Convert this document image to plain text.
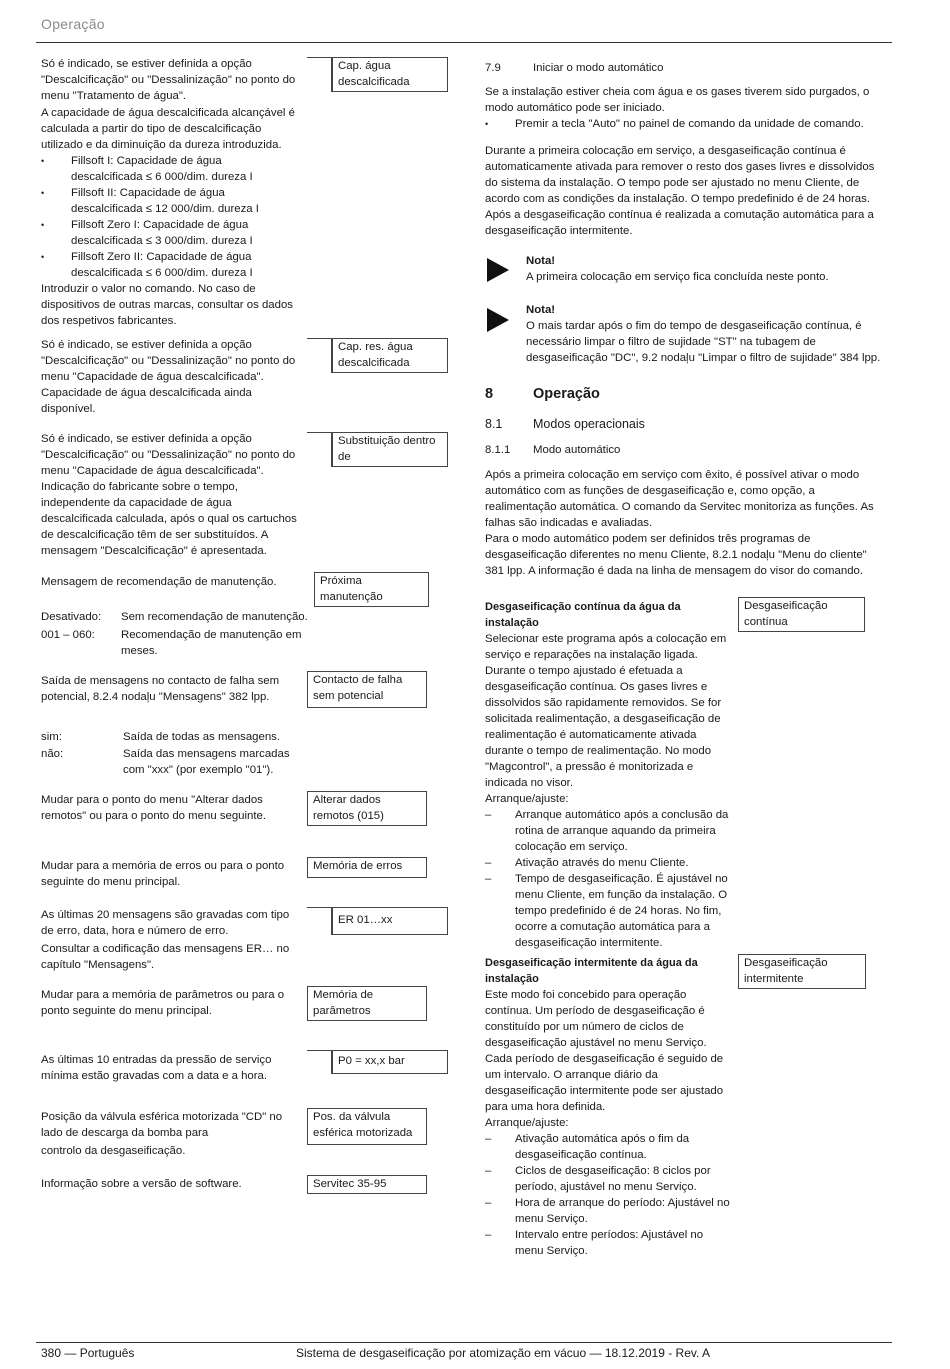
Operação
380 — Português	Sistema de desgaseificação por atomização em vácuo — 18.12.2019 - Rev. A

Só é indicado, se estiver definida a opção "Descalcificação" ou "Dessalinização" no ponto do menu "Tratamento de água".

Cap. água descalcificada

A capacidade de água descalcificada alcançável é calculada a partir do tipo de descalcificação utilizado e da diminuição da dureza introduzida.

• Fillsoft I: Capacidade de água descalcificada ≤ 6 000/dim. dureza I

• Fillsoft II: Capacidade de água descalcificada ≤ 12 000/dim. dureza I

• Fillsoft Zero I: Capacidade de água descalcificada ≤ 3 000/dim. dureza I

• Fillsoft Zero II: Capacidade de água descalcificada ≤ 6 000/dim. dureza I

Introduzir o valor no comando. No caso de dispositivos de outras marcas, consultar os dados dos respetivos fabricantes.

Só é indicado, se estiver definida a opção "Descalcificação" ou "Dessalinização" no ponto do menu "Capacidade de água descalcificada".

Capacidade de água descalcificada ainda disponível.

Cap. res. água descalcificada

Só é indicado, se estiver definida a opção "Descalcificação" ou "Dessalinização" no ponto do menu "Capacidade de água descalcificada". Indicação do fabricante sobre o tempo, independente da capacidade de água descalcificada calculada, após o qual os cartuchos de descalcificação têm de ser substituídos. A mensagem "Descalcificação" é apresentada.

Substituição dentro de

Mensagem de recomendação de manutenção.	Próxima manutenção
Desativado:	Sem recomendação de manutenção.
001 – 060:	Recomendação de manutenção em meses.

Saída de mensagens no contacto de falha sem potencial, 8.2.4 nodaļu "Mensagens" 382 lpp.

Contacto de falha sem potencial
sim:	Saída de todas as mensagens.
não:	Saída das mensagens marcadas com "xxx" (por exemplo "01").

Mudar para o ponto do menu "Alterar dados remotos" ou para o ponto do menu seguinte.

Alterar dados remotos (015)

Mudar para a memória de erros ou para o ponto seguinte do menu principal.

Memória de erros

As últimas 20 mensagens são gravadas com tipo de erro, data, hora e número de erro.

Consultar a codificação das mensagens ER… no capítulo "Mensagens".

ER 01…xx

Mudar para a memória de parâmetros ou para o ponto seguinte do menu principal.

Memória de parâmetros

As últimas 10 entradas da pressão de serviço mínima estão gravadas com a data e a hora.

P0 = xx,x bar

Posição da válvula esférica motorizada "CD" no lado de descarga da bomba para

controlo da desgaseificação.

Pos. da válvula esférica motorizada

Informação sobre a versão de software.	Servitec 35-95
7.9	Iniciar o modo automático

Se a instalação estiver cheia com água e os gases tiverem sido purgados, o modo automático pode ser iniciado.

• Premir a tecla "Auto" no painel de comando da unidade de comando.

Durante a primeira colocação em serviço, a desgaseificação contínua é automaticamente ativada para remover o resto dos gases livres e dissolvidos do sistema da instalação. O tempo pode ser ajustado no menu Cliente, de acordo com as condições da instalação. O tempo predefinido é de 24 horas. Após a desgaseificação contínua é realizada a comutação automática para a desgaseificação intermitente.

Nota!

A primeira colocação em serviço fica concluída neste ponto.

Nota!

O mais tardar após o fim do tempo de desgaseificação contínua, é necessário limpar o filtro de sujidade "ST" na tubagem de desgaseificação "DC", 9.2 nodaļu "Limpar o filtro de sujidade" 384 lpp.

8	Operação
8.1 Modos operacionais
8.1.1 Modo automático

Após a primeira colocação em serviço com êxito, é possível ativar o modo automático com as funções de desgaseificação e, como opção, a realimentação automática. O comando da Servitec monitoriza as funções. As falhas são indicadas e avaliadas.

Para o modo automático podem ser definidos três programas de desgaseificação diferentes no menu Cliente, 8.2.1 nodaļu "Menu do cliente" 381 lpp. A informação é dada na linha de mensagem do visor do comando.

Desgaseificação contínua da água da instalação

Selecionar este programa após a colocação em serviço e reparações na instalação ligada. Durante o tempo ajustado é efetuada a desgaseificação contínua. Os gases livres e dissolvidos são rapidamente removidos. Se for solicitada realimentação, a desgaseificação de realimentação é automaticamente ativada durante o tempo de realimentação. No modo "Magcontrol", a pressão é monitorizada e indicada no visor.

Arranque/ajuste:

– Arranque automático após a conclusão da rotina de arranque aquando da primeira colocação em serviço.

– Ativação através do menu Cliente.

– Tempo de desgaseificação. É ajustável no menu Cliente, em função da instalação. O tempo predefinido é de 24 horas. No fim, ocorre a comutação automática para a desgaseificação intermitente.

Desgaseificação contínua

Desgaseificação intermitente da água da instalação

Este modo foi concebido para operação contínua. Um período de desgaseificação é constituído por um número de ciclos de desgaseificação ajustável no menu Serviço. Cada período de desgaseificação é seguido de um intervalo. O arranque diário da desgaseificação intermitente pode ser ajustado para uma hora definida.

Arranque/ajuste:

– Ativação automática após o fim da desgaseificação contínua.

– Ciclos de desgaseificação: 8 ciclos por período, ajustável no menu Serviço.

– Hora de arranque do período: Ajustável no menu Serviço.

– Intervalo entre períodos: Ajustável no menu Serviço.

Desgaseificação intermitente
